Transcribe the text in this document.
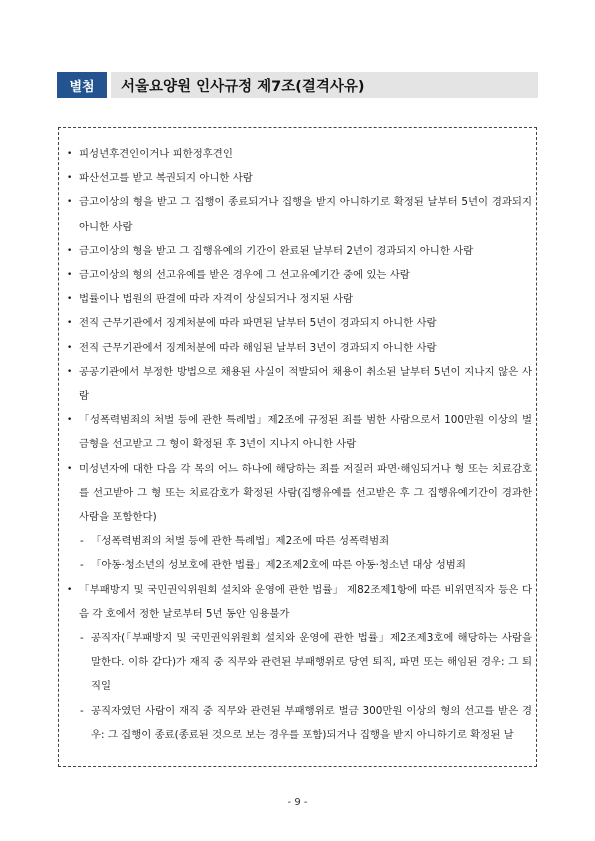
별첨	서울요양원 인사규정 제7조(결격사유)
• 피성년후견인이거나 피한정후견인
• 파산선고를 받고 복권되지 아니한 사람
• 금고이상의 형을 받고 그 집행이 종료되거나 집행을 받지 아니하기로 확정된 날부터 5년이 경과되지 아니한 사람
• 금고이상의 형을 받고 그 집행유예의 기간이 완료된 날부터 2년이 경과되지 아니한 사람
• 금고이상의 형의 선고유예를 받은 경우에 그 선고유예기간 중에 있는 사람
• 법률이나 법원의 판결에 따라 자격이 상실되거나 정지된 사람
• 전직 근무기관에서 징계처분에 따라 파면된 날부터 5년이 경과되지 아니한 사람
• 전직 근무기관에서 징계처분에 따라 해임된 날부터 3년이 경과되지 아니한 사람
• 공공기관에서 부정한 방법으로 채용된 사실이 적발되어 채용이 취소된 날부터 5년이 지나지 않은 사람
• 「성폭력범죄의 처벌 등에 관한 특례법」제2조에 규정된 죄를 범한 사람으로서 100만원 이상의 벌금형을 선고받고 그 형이 확정된 후 3년이 지나지 아니한 사람
• 미성년자에 대한 다음 각 목의 어느 하나에 해당하는 죄를 저질러 파면·해임되거나 형 또는 치료감호를 선고받아 그 형 또는 치료감호가 확정된 사람(집행유예를 선고받은 후 그 집행유예기간이 경과한 사람을 포함한다)
- 「성폭력범죄의 처벌 등에 관한 특례법」제2조에 따른 성폭력범죄
- 「아동·청소년의 성보호에 관한 법률」제2조제2호에 따른 아동·청소년 대상 성범죄
• 「부패방지 및 국민권익위원회 설치와 운영에 관한 법률」 제82조제1항에 따른 비위면직자 등은 다음 각 호에서 정한 날로부터 5년 동안 임용불가
- 공직자(「부패방지 및 국민권익위원회 설치와 운영에 관한 법률」제2조제3호에 해당하는 사람을 말한다. 이하 같다)가 재직 중 직무와 관련된 부패행위로 당연 퇴직, 파면 또는 해임된 경우: 그 퇴직일
- 공직자였던 사람이 재직 중 직무와 관련된 부패행위로 벌금 300만원 이상의 형의 선고를 받은 경우: 그 집행이 종료(종료된 것으로 보는 경우를 포함)되거나 집행을 받지 아니하기로 확정된 날
- 9 -
